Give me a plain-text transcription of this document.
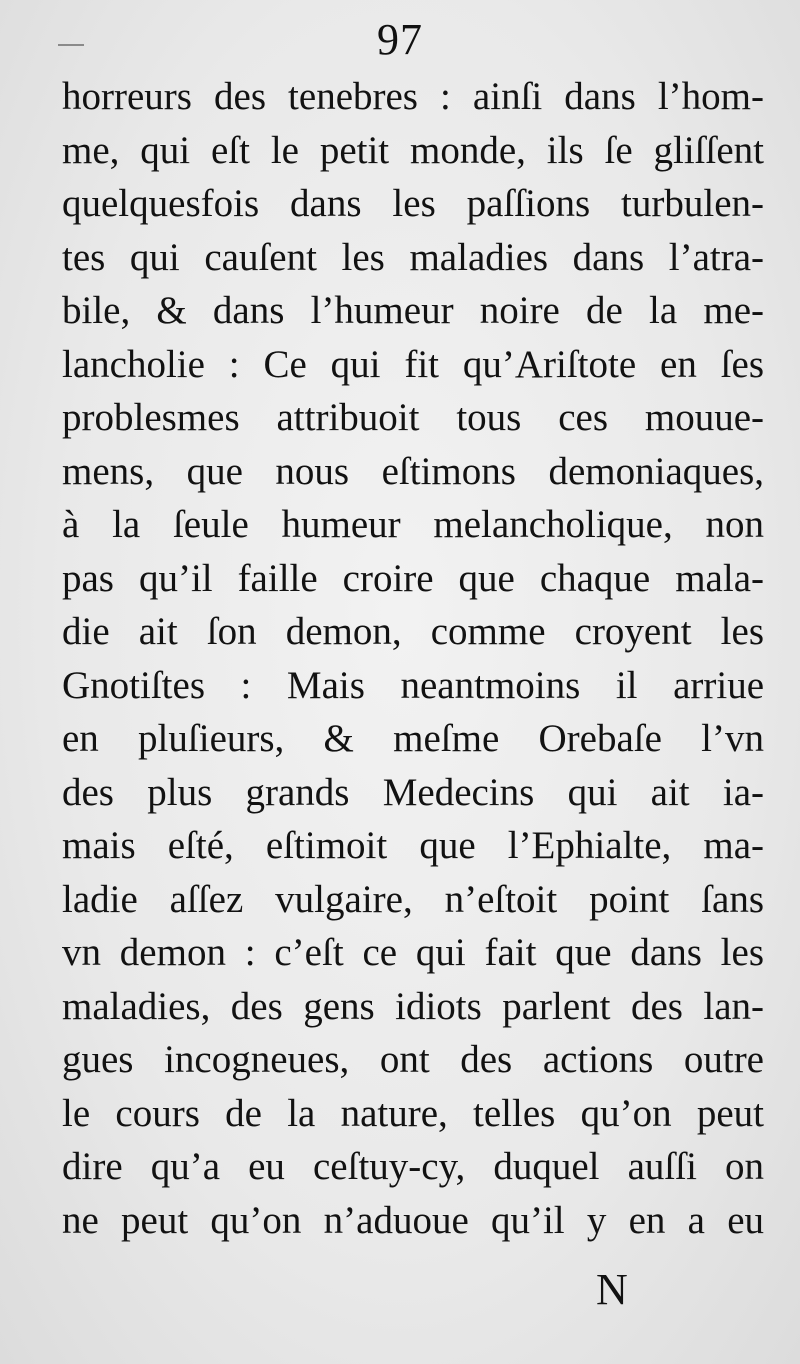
97
horreurs des tenebres : ainſi dans l’hom-
me, qui eſt le petit monde, ils ſe gliſſent
quelquesfois dans les paſſions turbulen-
tes qui cauſent les maladies dans l’atra-
bile, & dans l’humeur noire de la me-
lancholie : Ce qui fit qu’Ariſtote en ſes
problesmes attribuoit tous ces mouue-
mens, que nous eſtimons demoniaques,
à la ſeule humeur melancholique, non
pas qu’il faille croire que chaque mala-
die ait ſon demon, comme croyent les
Gnotiſtes : Mais neantmoins il arriue
en pluſieurs, & meſme Orebaſe l’vn
des plus grands Medecins qui ait ia-
mais eſté, eſtimoit que l’Ephialte, ma-
ladie aſſez vulgaire, n’eſtoit point ſans
vn demon : c’eſt ce qui fait que dans les
maladies, des gens idiots parlent des lan-
gues incogneues, ont des actions outre
le cours de la nature, telles qu’on peut
dire qu’a eu ceſtuy-cy, duquel auſſi on
ne peut qu’on n’aduoue qu’il y en a eu
N
